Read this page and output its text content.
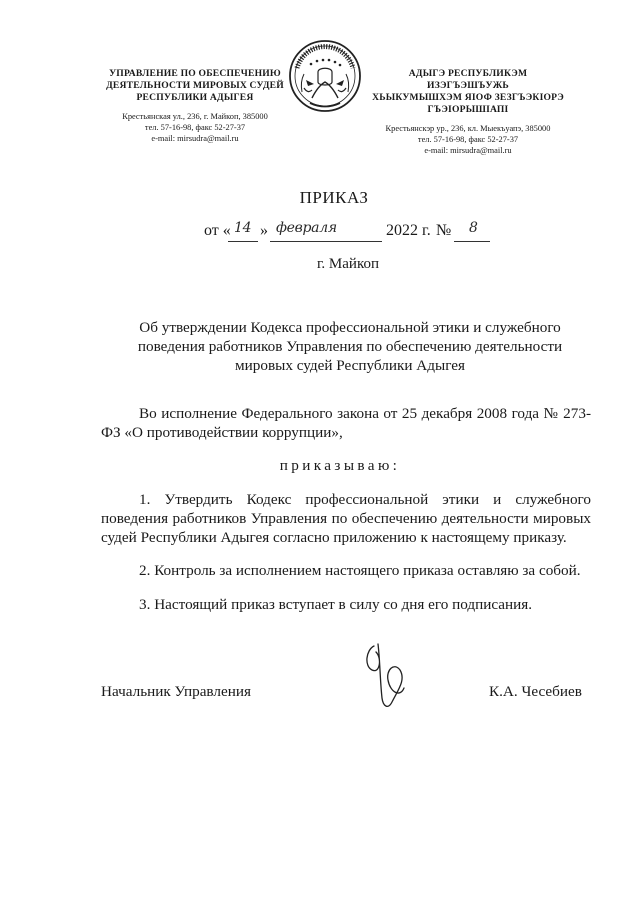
УПРАВЛЕНИЕ ПО ОБЕСПЕЧЕНИЮ
ДЕЯТЕЛЬНОСТИ МИРОВЫХ СУДЕЙ
РЕСПУБЛИКИ АДЫГЕЯ
Крестьянская ул., 236, г. Майкоп, 385000
тел. 57-16-98, факс 52-27-37
e-mail: mirsudra@mail.ru
АДЫГЭ РЕСПУБЛИКЭМ ИЗЭГЪЭШЪУЖЬ
ХЬЫКУМЫШХЭМ ЯIОФ ЗЕЗГЪЭКIОРЭ
ГЪЭIОРЫШIАПI
Крестьянскэр ур., 236, кл. Мыекъуапэ, 385000
тел. 57-16-98, факс 52-27-37
e-mail: mirsudra@mail.ru
ПРИКАЗ
от « 14 » февраля	2022 г. № 8
г. Майкоп
Об утверждении Кодекса профессиональной этики и служебного поведения работников Управления по обеспечению деятельности мировых судей Республики Адыгея
Во исполнение Федерального закона от 25 декабря 2008 года № 273-ФЗ «О противодействии коррупции»,
приказываю:
1. Утвердить Кодекс профессиональной этики и служебного поведения работников Управления по обеспечению деятельности мировых судей Республики Адыгея согласно приложению к настоящему приказу.
2. Контроль за исполнением настоящего приказа оставляю за собой.
3. Настоящий приказ вступает в силу со дня его подписания.
Начальник Управления	К.А. Чесебиев
